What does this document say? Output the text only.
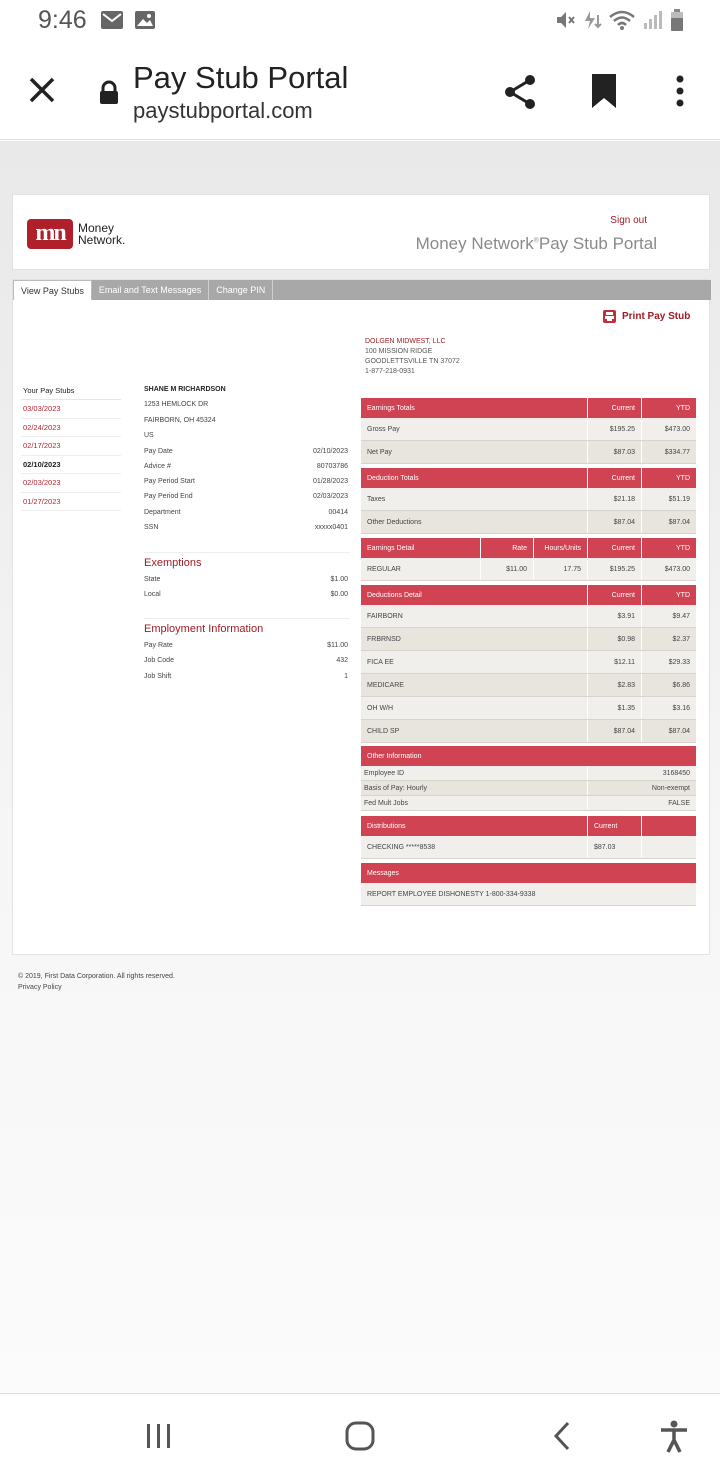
9:46
Pay Stub Portal
paystubportal.com
mn	Money
Network.
Sign out
Money Network®Pay Stub Portal
View Pay Stubs	Email and Text Messages	Change PIN
Print Pay Stub
DOLGEN MIDWEST, LLC
100 MISSION RIDGE
GOODLETTSVILLE TN 37072
1-877-218-0931
Your Pay Stubs
03/03/2023
02/24/2023
02/17/2023
02/10/2023
02/03/2023
01/27/2023
SHANE M RICHARDSON
1253 HEMLOCK DR
FAIRBORN, OH 45324
US
Pay Date	02/10/2023
Advice #	80703786
Pay Period Start	01/28/2023
Pay Period End	02/03/2023
Department	00414
SSN	xxxxx0401
Exemptions
State	$1.00
Local	$0.00
Employment Information
Pay Rate	$11.00
Job Code	432
Job Shift	1
Earnings Totals	Current	YTD
Gross Pay	$195.25	$473.00
Net Pay	$87.03	$334.77
Deduction Totals	Current	YTD
Taxes	$21.18	$51.19
Other Deductions	$87.04	$87.04
Earnings Detail	Rate	Hours/Units	Current	YTD
REGULAR	$11.00	17.75	$195.25	$473.00
Deductions Detail	Current	YTD
FAIRBORN	$3.91	$9.47
FRBRNSD	$0.98	$2.37
FICA EE	$12.11	$29.33
MEDICARE	$2.83	$6.86
OH W/H	$1.35	$3.16
CHILD SP	$87.04	$87.04
Other Information
Employee ID	3168450
Basis of Pay: Hourly	Non-exempt
Fed Mult Jobs	FALSE
Distributions	Current
CHECKING *****8538	$87.03
Messages
REPORT EMPLOYEE DISHONESTY 1-800-334-9338
© 2019, First Data Corporation. All rights reserved.
Privacy Policy
